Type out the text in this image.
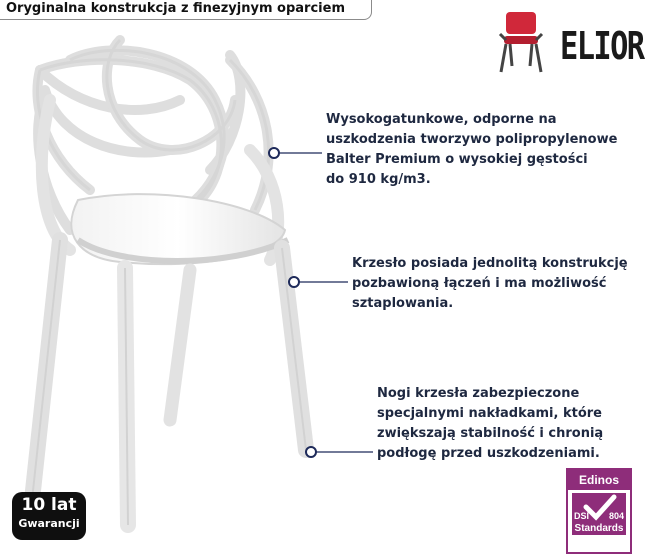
Oryginalna konstrukcja z finezyjnym oparciem
ELIOR
Wysokogatunkowe, odporne na
uszkodzenia tworzywo polipropylenowe
Balter Premium o wysokiej gęstości
do 910 kg/m3.
Krzesło posiada jednolitą konstrukcję
pozbawioną łączeń i ma możliwość
sztaplowania.
Nogi krzesła zabezpieczone
specjalnymi nakładkami, które
zwiększają stabilność i chronią
podłogę przed uszkodzeniami.
10 lat
Gwarancji
Edinos
DSI 804
Standards
